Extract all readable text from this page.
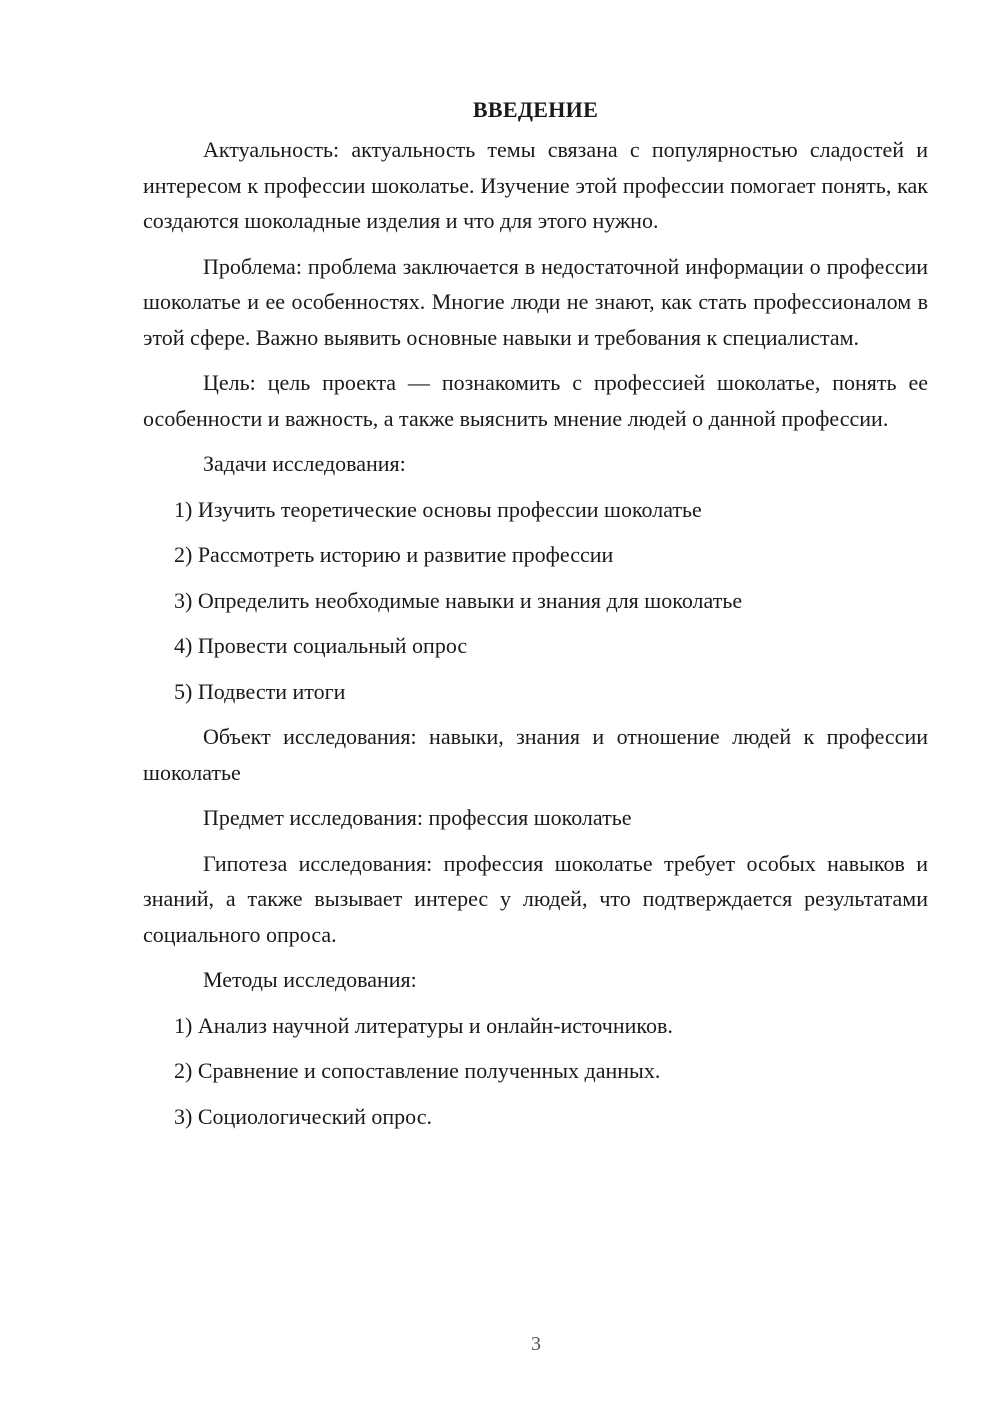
ВВЕДЕНИЕ

Актуальность: актуальность темы связана с популярностью сладостей и интересом к профессии шоколатье. Изучение этой профессии помогает понять, как создаются шоколадные изделия и что для этого нужно.

Проблема: проблема заключается в недостаточной информации о профессии шоколатье и ее особенностях. Многие люди не знают, как стать профессионалом в этой сфере. Важно выявить основные навыки и требования к специалистам.

Цель: цель проекта — познакомить с профессией шоколатье, понять ее особенности и важность, а также выяснить мнение людей о данной профессии.

Задачи исследования:

1) Изучить теоретические основы профессии шоколатье

2) Рассмотреть историю и развитие профессии

3) Определить необходимые навыки и знания для шоколатье

4) Провести социальный опрос

5) Подвести итоги

Объект исследования: навыки, знания и отношение людей к профессии шоколатье

Предмет исследования: профессия шоколатье

Гипотеза исследования: профессия шоколатье требует особых навыков и знаний, а также вызывает интерес у людей, что подтверждается результатами социального опроса.

Методы исследования:

1) Анализ научной литературы и онлайн-источников.

2) Сравнение и сопоставление полученных данных.

3) Социологический опрос.

3
